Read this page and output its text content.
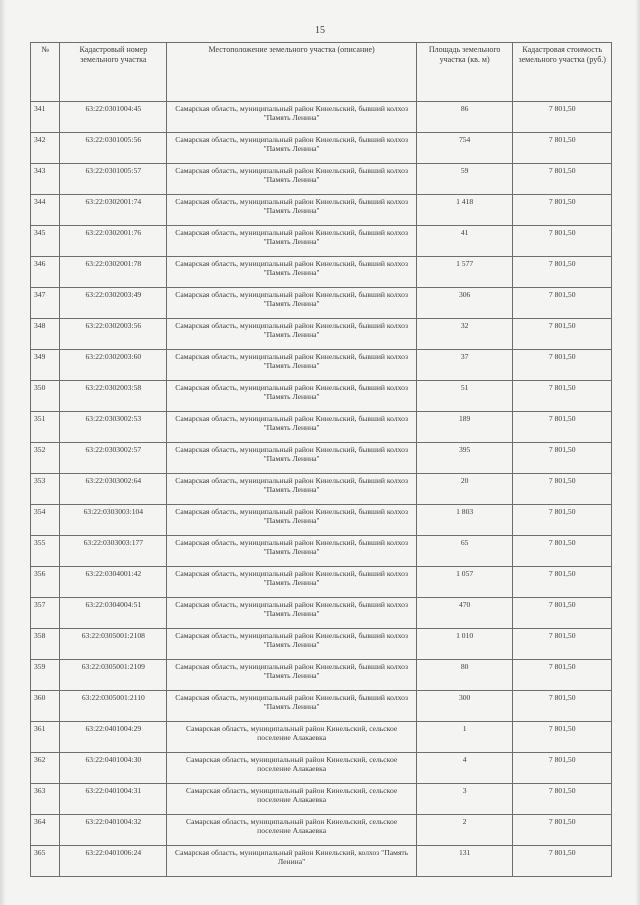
15
№	Кадастровый номер земельного участка	Местоположение земельного участка (описание)	Площадь земельного участка (кв. м)	Кадастровая стоимость земельного участка (руб.)
341	63:22:0301004:45	Самарская область, муниципальный район Кинельский, бывший колхоз "Память Ленина"	86	7 801,50
342	63:22:0301005:56	Самарская область, муниципальный район Кинельский, бывший колхоз "Память Ленина"	754	7 801,50
343	63:22:0301005:57	Самарская область, муниципальный район Кинельский, бывший колхоз "Память Ленина"	59	7 801,50
344	63:22:0302001:74	Самарская область, муниципальный район Кинельский, бывший колхоз "Память Ленина"	1 418	7 801,50
345	63:22:0302001:76	Самарская область, муниципальный район Кинельский, бывший колхоз "Память Ленина"	41	7 801,50
346	63:22:0302001:78	Самарская область, муниципальный район Кинельский, бывший колхоз "Память Ленина"	1 577	7 801,50
347	63:22:0302003:49	Самарская область, муниципальный район Кинельский, бывший колхоз "Память Ленина"	306	7 801,50
348	63:22:0302003:56	Самарская область, муниципальный район Кинельский, бывший колхоз "Память Ленина"	32	7 801,50
349	63:22:0302003:60	Самарская область, муниципальный район Кинельский, бывший колхоз "Память Ленина"	37	7 801,50
350	63:22:0302003:58	Самарская область, муниципальный район Кинельский, бывший колхоз "Память Ленина"	51	7 801,50
351	63:22:0303002:53	Самарская область, муниципальный район Кинельский, бывший колхоз "Память Ленина"	189	7 801,50
352	63:22:0303002:57	Самарская область, муниципальный район Кинельский, бывший колхоз "Память Ленина"	395	7 801,50
353	63:22:0303002:64	Самарская область, муниципальный район Кинельский, бывший колхоз "Память Ленина"	20	7 801,50
354	63:22:0303003:104	Самарская область, муниципальный район Кинельский, бывший колхоз "Память Ленина"	1 803	7 801,50
355	63:22:0303003:177	Самарская область, муниципальный район Кинельский, бывший колхоз "Память Ленина"	65	7 801,50
356	63:22:0304001:42	Самарская область, муниципальный район Кинельский, бывший колхоз "Память Ленина"	1 057	7 801,50
357	63:22:0304004:51	Самарская область, муниципальный район Кинельский, бывший колхоз "Память Ленина"	470	7 801,50
358	63:22:0305001:2108	Самарская область, муниципальный район Кинельский, бывший колхоз "Память Ленина"	1 010	7 801,50
359	63:22:0305001:2109	Самарская область, муниципальный район Кинельский, бывший колхоз "Память Ленина"	80	7 801,50
360	63:22:0305001:2110	Самарская область, муниципальный район Кинельский, бывший колхоз "Память Ленина"	300	7 801,50
361	63:22:0401004:29	Самарская область, муниципальный район Кинельский, сельское поселение Алакаевка	1	7 801,50
362	63:22:0401004:30	Самарская область, муниципальный район Кинельский, сельское поселение Алакаевка	4	7 801,50
363	63:22:0401004:31	Самарская область, муниципальный район Кинельский, сельское поселение Алакаевка	3	7 801,50
364	63:22:0401004:32	Самарская область, муниципальный район Кинельский, сельское поселение Алакаевка	2	7 801,50
365	63:22:0401006:24	Самарская область, муниципальный район Кинельский, колхоз "Память Ленина"	131	7 801,50
